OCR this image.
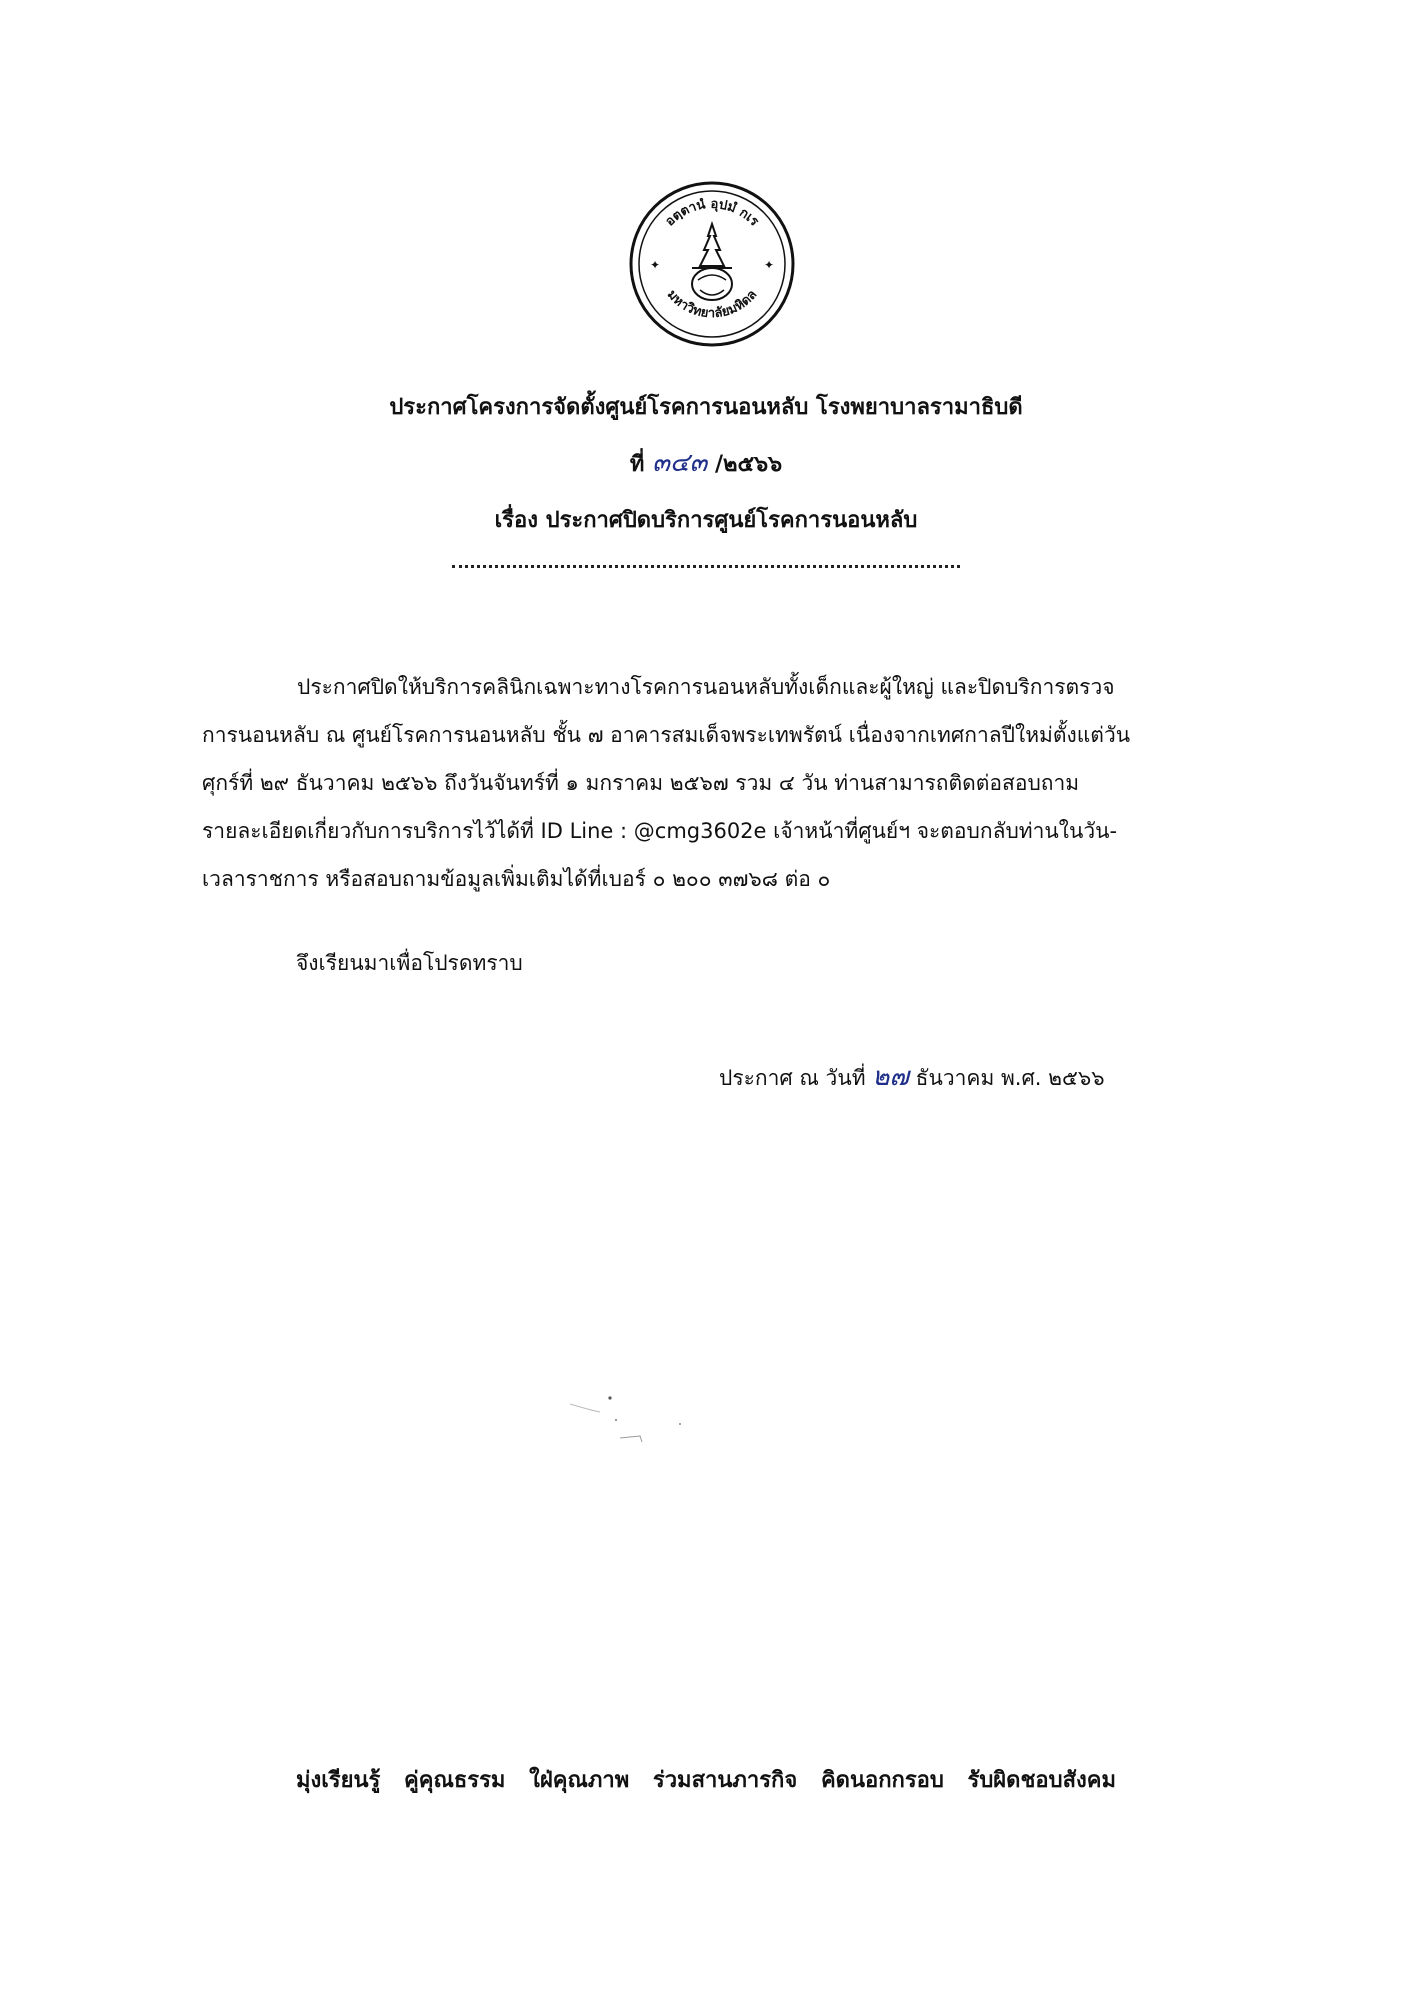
อตฺตานํ อุปมํ กเร
มหาวิทยาลัยมหิดล
✦	✦
ประกาศโครงการจัดตั้งศูนย์โรคการนอนหลับ โรงพยาบาลรามาธิบดี
ที่ ๓๔๓ /๒๕๖๖
เรื่อง ประกาศปิดบริการศูนย์โรคการนอนหลับ
ประกาศปิดให้บริการคลินิกเฉพาะทางโรคการนอนหลับทั้งเด็กและผู้ใหญ่ และปิดบริการตรวจ
การนอนหลับ ณ ศูนย์โรคการนอนหลับ ชั้น ๗ อาคารสมเด็จพระเทพรัตน์ เนื่องจากเทศกาลปีใหม่ตั้งแต่วัน
ศุกร์ที่ ๒๙ ธันวาคม ๒๕๖๖ ถึงวันจันทร์ที่ ๑ มกราคม ๒๕๖๗ รวม ๔ วัน ท่านสามารถติดต่อสอบถาม
รายละเอียดเกี่ยวกับการบริการไว้ได้ที่ ID Line : @cmg3602e เจ้าหน้าที่ศูนย์ฯ จะตอบกลับท่านในวัน-
เวลาราชการ หรือสอบถามข้อมูลเพิ่มเติมได้ที่เบอร์ ๐ ๒๐๐ ๓๗๖๘ ต่อ ๐
จึงเรียนมาเพื่อโปรดทราบ
ประกาศ ณ วันที่ ๒๗ ธันวาคม พ.ศ. ๒๕๖๖
มุ่งเรียนรู้ คู่คุณธรรม ใฝ่คุณภาพ ร่วมสานภารกิจ คิดนอกกรอบ รับผิดชอบสังคม
